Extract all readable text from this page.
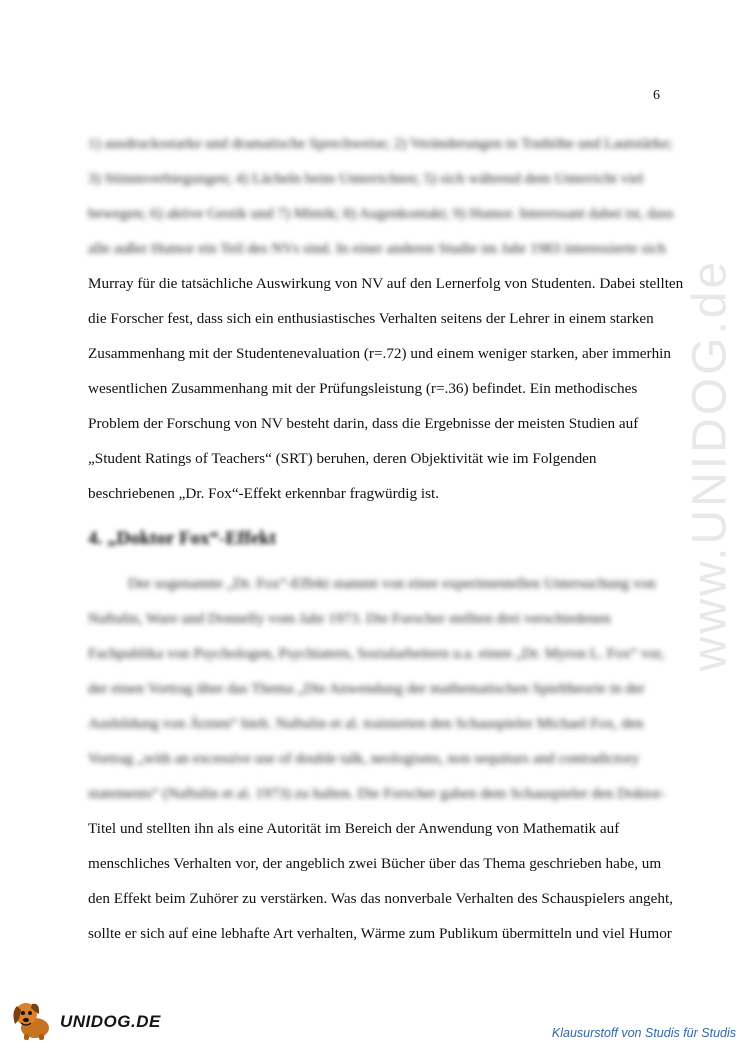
www.UNIDOG.de
6
1) ausdrucksstarke und dramatische Sprechweise; 2) Veränderungen in Tonhöhe und Lautstärke;
3) Stimmverbiegungen; 4) Lächeln beim Unterrichten; 5) sich während dem Unterricht viel
bewegen; 6) aktive Gestik und 7) Mimik; 8) Augenkontakt; 9) Humor. Interessant dabei ist, dass
alle außer Humor ein Teil des NVs sind. In einer anderen Studie im Jahr 1983 interessierte sich
Murray für die tatsächliche Auswirkung von NV auf den Lernerfolg von Studenten. Dabei stellten
die Forscher fest, dass sich ein enthusiastisches Verhalten seitens der Lehrer in einem starken
Zusammenhang mit der Studentenevaluation (r=.72) und einem weniger starken, aber immerhin
wesentlichen Zusammenhang mit der Prüfungsleistung (r=.36) befindet. Ein methodisches
Problem der Forschung von NV besteht darin, dass die Ergebnisse der meisten Studien auf
„Student Ratings of Teachers“ (SRT) beruhen, deren Objektivität wie im Folgenden
beschriebenen „Dr. Fox“-Effekt erkennbar fragwürdig ist.
4. „Doktor Fox“-Effekt
Der sogenannte „Dr. Fox“-Effekt stammt von einer experimentellen Untersuchung von
Naftulin, Ware und Donnelly vom Jahr 1973. Die Forscher stellten drei verschiedenen
Fachpublika von Psychologen, Psychiatern, Sozialarbeitern u.a. einen „Dr. Myron L. Fox“ vor,
der einen Vortrag über das Thema „Die Anwendung der mathematischen Spieltheorie in der
Ausbildung von Ärzten“ hielt. Naftulin et al. trainierten den Schauspieler Michael Fox, den
Vortrag „with an excessive use of double talk, neologisms, non sequiturs and contradictory
statements“ (Naftulin et al. 1973) zu halten. Die Forscher gaben dem Schauspieler den Doktor-
Titel und stellten ihn als eine Autorität im Bereich der Anwendung von Mathematik auf
menschliches Verhalten vor, der angeblich zwei Bücher über das Thema geschrieben habe, um
den Effekt beim Zuhörer zu verstärken. Was das nonverbale Verhalten des Schauspielers angeht,
sollte er sich auf eine lebhafte Art verhalten, Wärme zum Publikum übermitteln und viel Humor
UNIDOG.DE
Klausurstoff von Studis für Studis
